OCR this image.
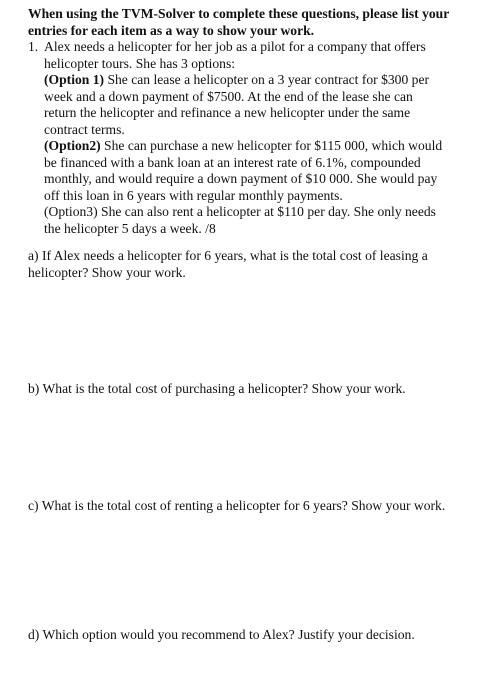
When using the TVM-Solver to complete these questions, please list your entries for each item as a way to show your work.
1. Alex needs a helicopter for her job as a pilot for a company that offers helicopter tours. She has 3 options:
(Option 1) She can lease a helicopter on a 3 year contract for $300 per week and a down payment of $7500. At the end of the lease she can return the helicopter and refinance a new helicopter under the same contract terms.
(Option2) She can purchase a new helicopter for $115 000, which would be financed with a bank loan at an interest rate of 6.1%, compounded monthly, and would require a down payment of $10 000. She would pay off this loan in 6 years with regular monthly payments.
(Option3) She can also rent a helicopter at $110 per day. She only needs the helicopter 5 days a week. /8
a) If Alex needs a helicopter for 6 years, what is the total cost of leasing a helicopter? Show your work.
b) What is the total cost of purchasing a helicopter? Show your work.
c) What is the total cost of renting a helicopter for 6 years? Show your work.
d) Which option would you recommend to Alex? Justify your decision.
